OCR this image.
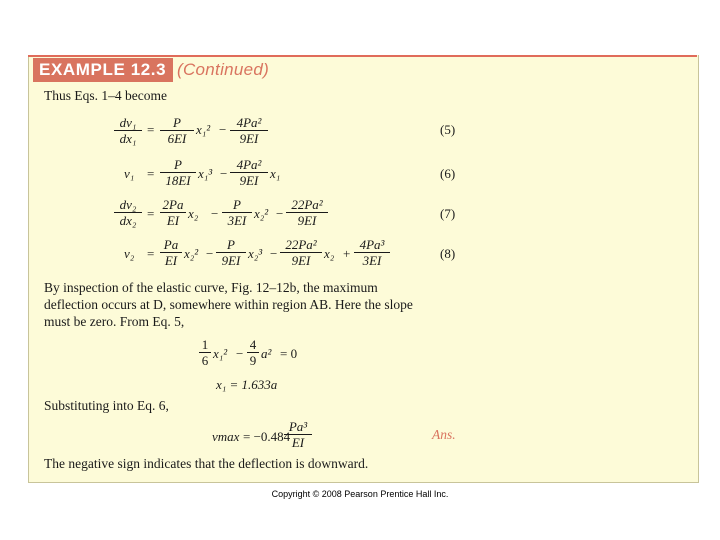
EXAMPLE 12.3 (Continued)
Thus Eqs. 1–4 become
$\frac{\text{dv₁}}{\text{dx₁}} = \frac{P}{6EI} x_1^2 - \frac{\text{4Pa²}}{9EI}$	(5)
$v_1 = \frac{P}{18EI} x_1^3 - \frac{\text{4Pa²}}{9EI} x_1$	(6)
$\frac{\text{dv₂}}{\text{dx₂}} = \frac{2Pa}{EI} x_2 - \frac{P}{3EI} x_2^2 - \frac{\text{22Pa²}}{9EI}$	(7)
$v_2 = \frac{Pa}{EI} x_2^2 - \frac{P}{9EI} x_2^3 - \frac{\text{22Pa²}}{9EI} x_2 + \frac{\text{4Pa³}}{3EI}$	(8)
By inspection of the elastic curve, Fig. 12–12b, the maximum
deflection occurs at D, somewhere within region AB. Here the slope
must be zero. From Eq. 5,
$\frac{1}{6} x_1^2 - \frac{4}{9} a^2 = 0$
x₁ = 1.633a
Substituting into Eq. 6,
vmax = −0.484
$\frac{\text{Pa³}}{EI}$	Ans.
The negative sign indicates that the deflection is downward.
Copyright © 2008 Pearson Prentice Hall Inc.
